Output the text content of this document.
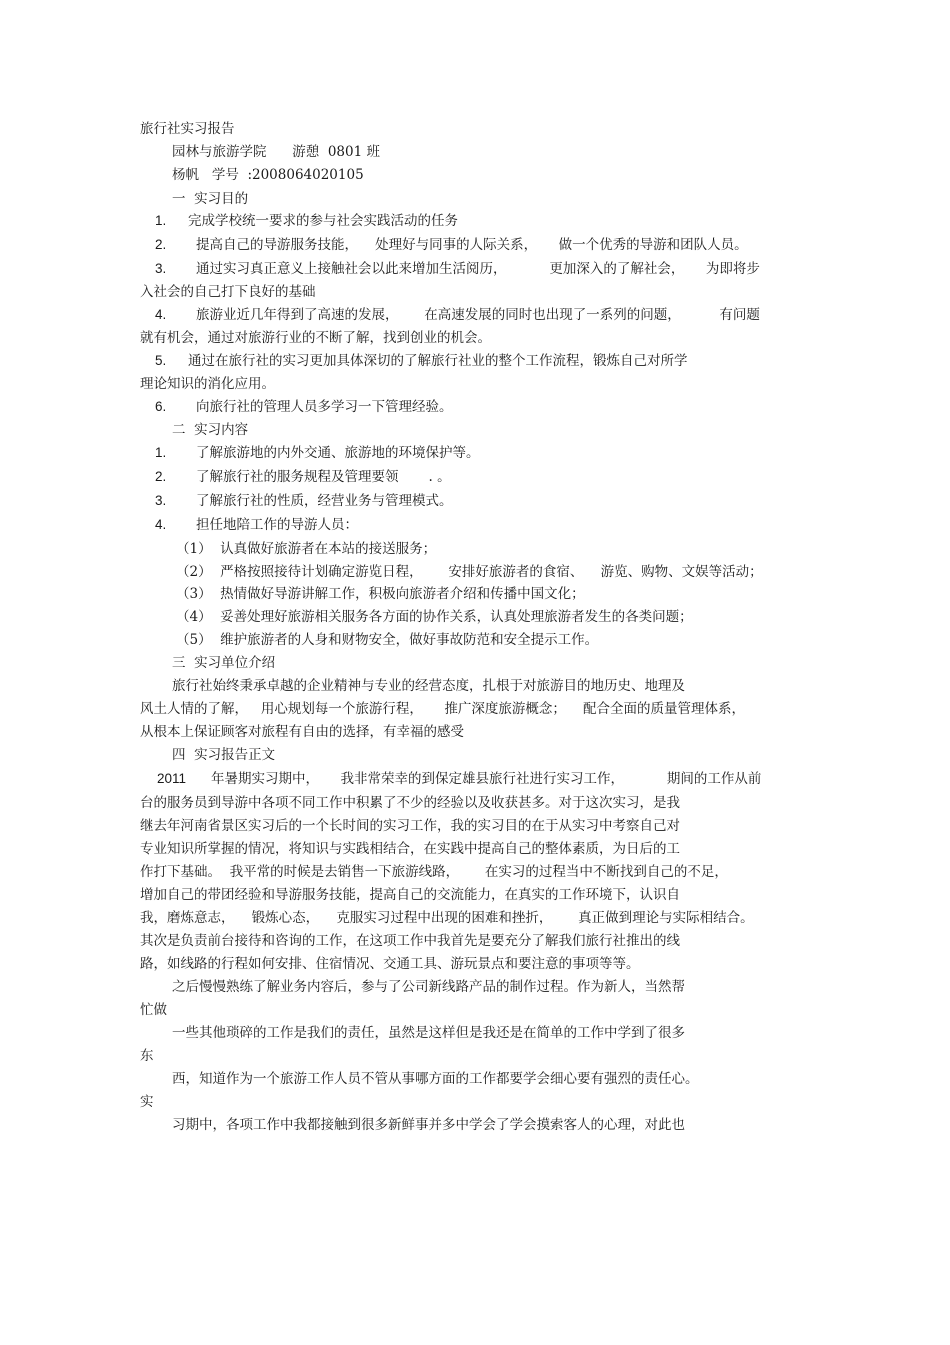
旅行社实习报告
园林与旅游学院      游憩  0801 班
杨帆   学号  :2008064020105
一  实习目的
1. 完成学校统一要求的参与社会实践活动的任务
2. 提高自己的导游服务技能，    处理好与同事的人际关系，     做一个优秀的导游和团队人员。
3. 通过实习真正意义上接触社会以此来增加生活阅历，          更加深入的了解社会，     为即将步
入社会的自己打下良好的基础
4. 旅游业近几年得到了高速的发展，      在高速发展的同时也出现了一系列的问题，         有问题
就有机会，通过对旅游行业的不断了解，找到创业的机会。
5. 通过在旅行社的实习更加具体深切的了解旅行社业的整个工作流程，锻炼自己对所学
理论知识的消化应用。
6. 向旅行社的管理人员多学习一下管理经验。
二  实习内容
1. 了解旅游地的内外交通、旅游地的环境保护等。
2. 了解旅行社的服务规程及管理要领       . 。
3. 了解旅行社的性质，经营业务与管理模式。
4. 担任地陪工作的导游人员：
（1）  认真做好旅游者在本站的接送服务；
（2）  严格按照接待计划确定游览日程，      安排好旅游者的食宿、    游览、购物、文娱等活动；
（3）  热情做好导游讲解工作，积极向旅游者介绍和传播中国文化；
（4）  妥善处理好旅游相关服务各方面的协作关系，认真处理旅游者发生的各类问题；
（5）  维护旅游者的人身和财物安全，做好事故防范和安全提示工作。
三  实习单位介绍
旅行社始终秉承卓越的企业精神与专业的经营态度，扎根于对旅游目的地历史、地理及
风土人情的了解，   用心规划每一个旅游行程，     推广深度旅游概念；    配合全面的质量管理体系，
从根本上保证顾客对旅程有自由的选择，有幸福的感受
四  实习报告正文
2011 年暑期实习期中，     我非常荣幸的到保定雄县旅行社进行实习工作，          期间的工作从前
台的服务员到导游中各项不同工作中积累了不少的经验以及收获甚多。对于这次实习，是我
继去年河南省景区实习后的一个长时间的实习工作，我的实习目的在于从实习中考察自己对
专业知识所掌握的情况，将知识与实践相结合，在实践中提高自己的整体素质，为日后的工
作打下基础。  我平常的时候是去销售一下旅游线路，      在实习的过程当中不断找到自己的不足，
增加自己的带团经验和导游服务技能，提高自己的交流能力，在真实的工作环境下，认识自
我，磨炼意志，    锻炼心态，    克服实习过程中出现的困难和挫折，      真正做到理论与实际相结合。
其次是负责前台接待和咨询的工作，在这项工作中我首先是要充分了解我们旅行社推出的线
路，如线路的行程如何安排、住宿情况、交通工具、游玩景点和要注意的事项等等。
之后慢慢熟练了解业务内容后，参与了公司新线路产品的制作过程。作为新人，当然帮
忙做
一些其他琐碎的工作是我们的责任，虽然是这样但是我还是在简单的工作中学到了很多
东
西，知道作为一个旅游工作人员不管从事哪方面的工作都要学会细心要有强烈的责任心。
实
习期中，各项工作中我都接触到很多新鲜事并多中学会了学会摸索客人的心理，对此也
